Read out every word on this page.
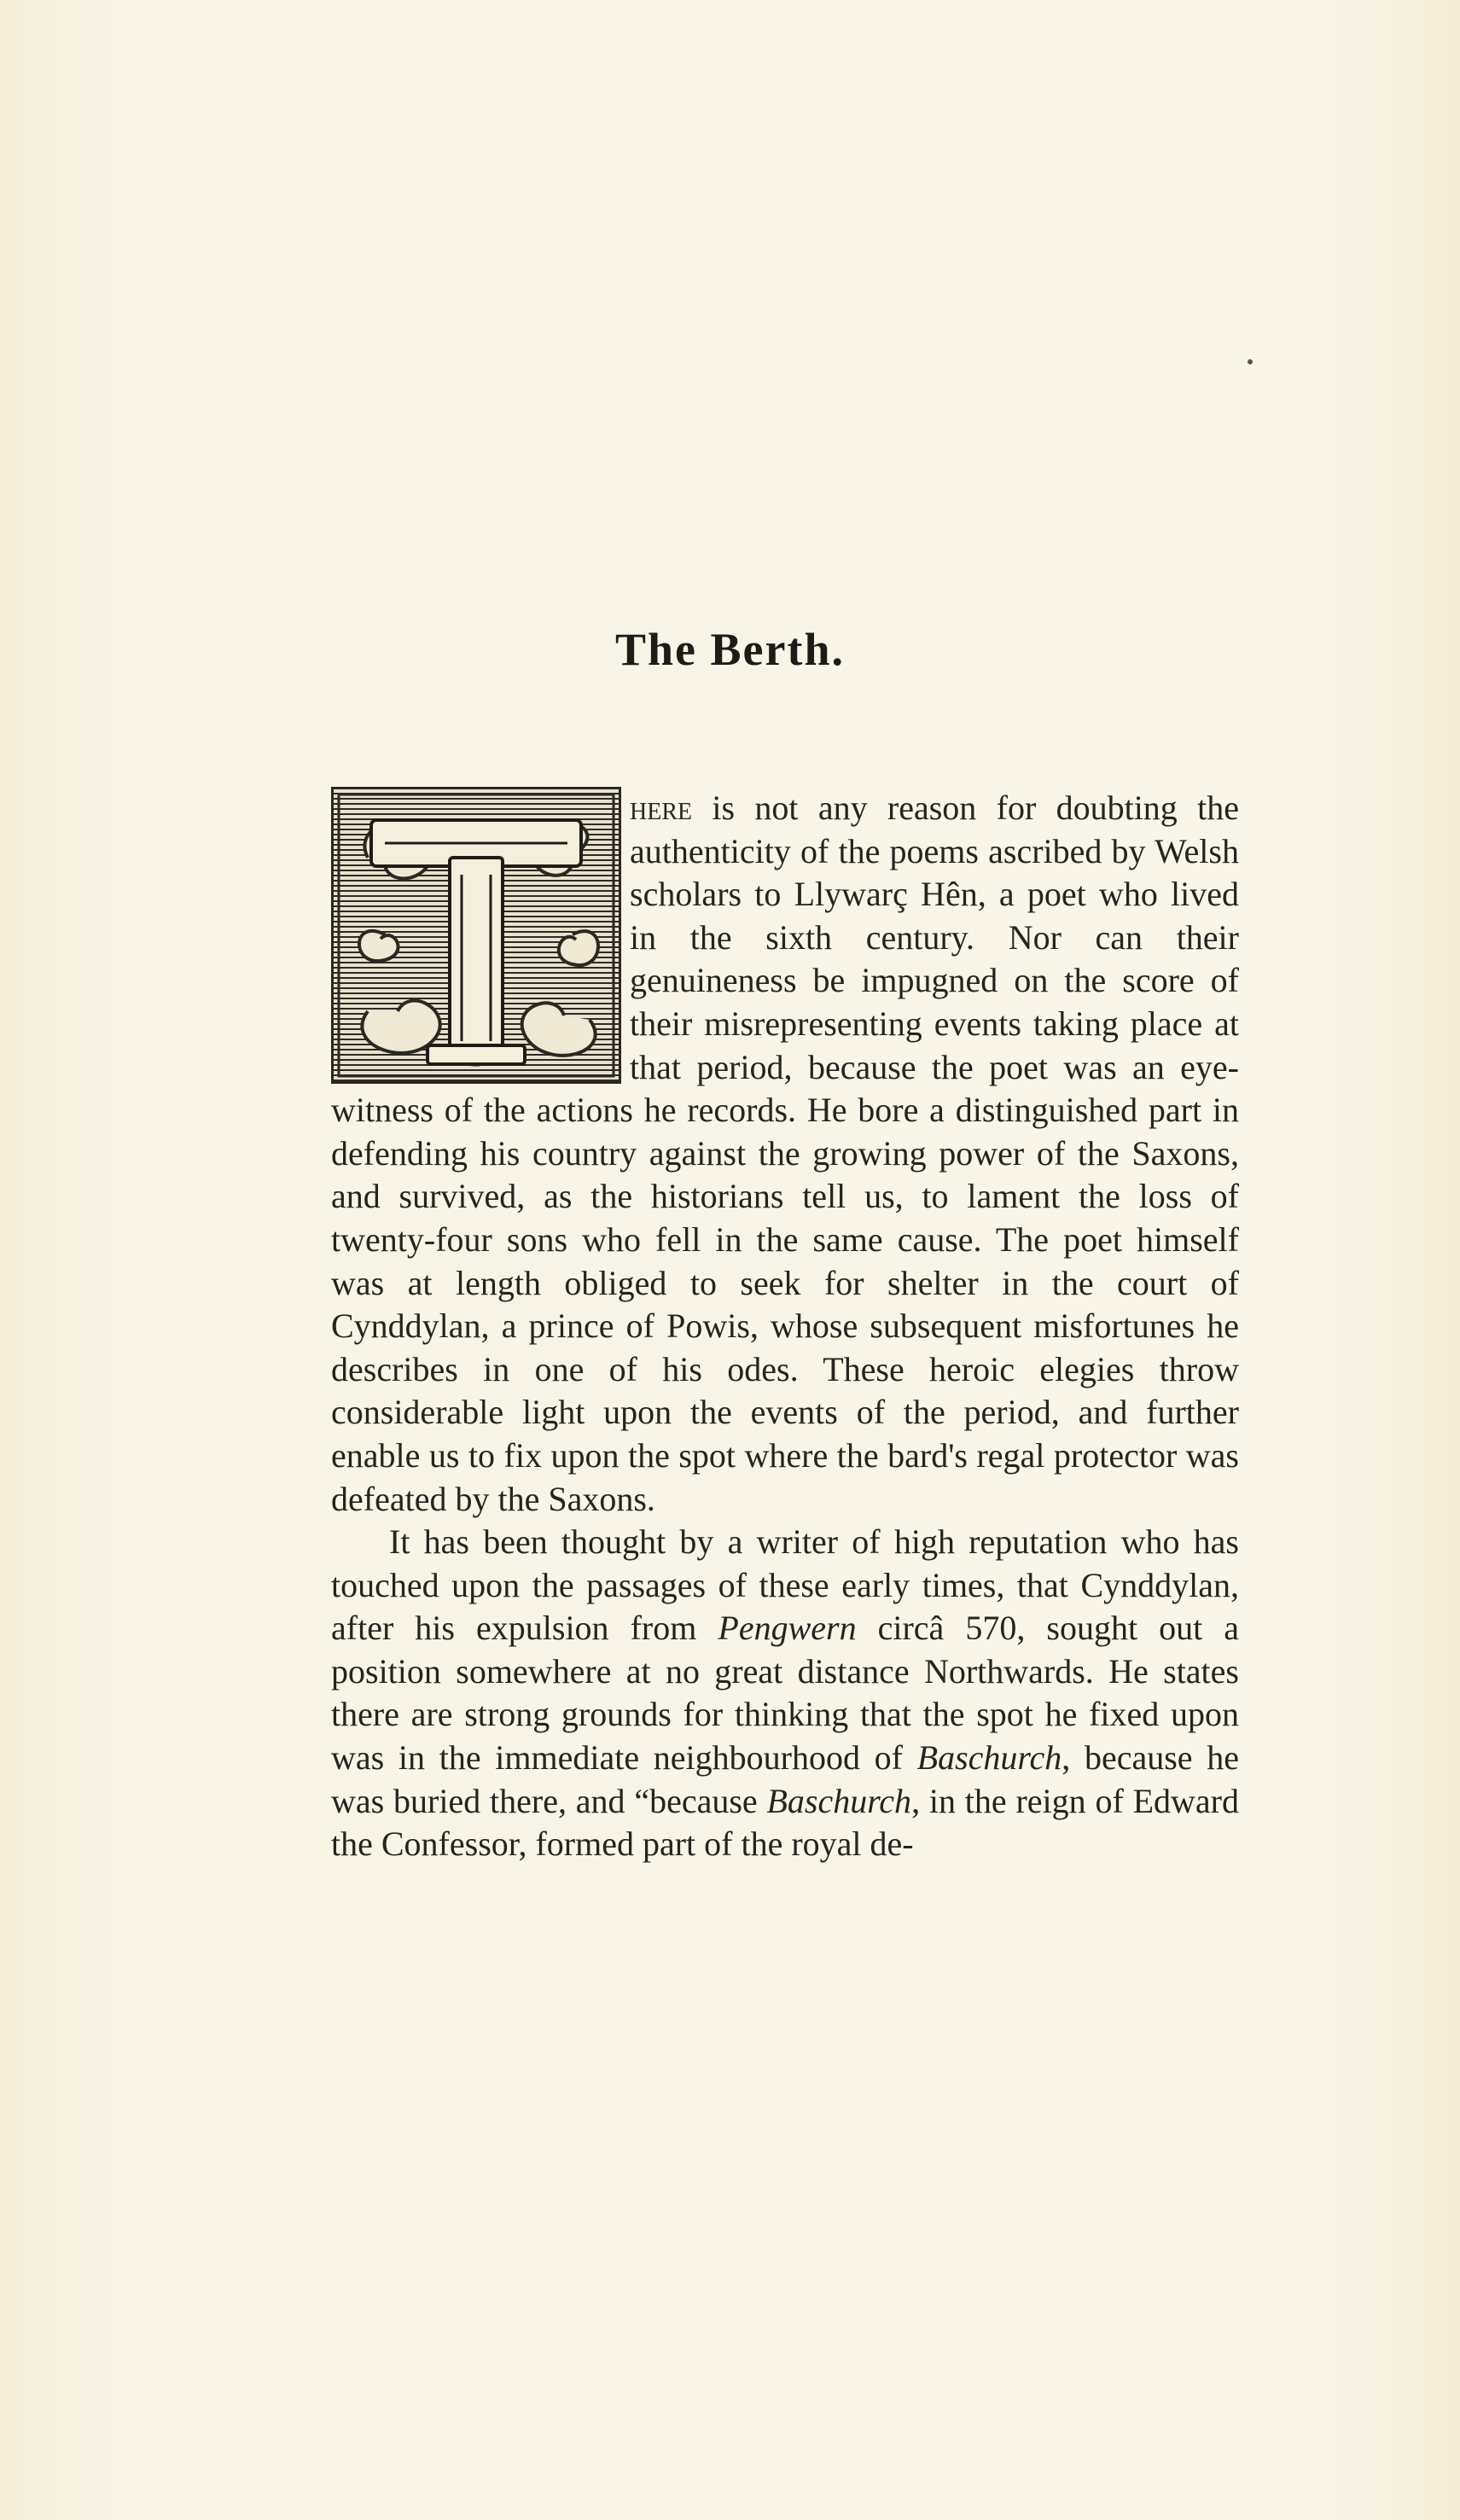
The Berth.

here is not any reason for doubting the authenticity of the poems ascribed by Welsh scholars to Llywarç Hên, a poet who lived in the sixth century. Nor can their genuineness be impugned on the score of their misrepresenting events taking place at that period, because the poet was an eye-witness of the actions he records. He bore a distinguished part in defending his country against the growing power of the Saxons, and survived, as the historians tell us, to lament the loss of twenty-four sons who fell in the same cause. The poet himself was at length obliged to seek for shelter in the court of Cynddylan, a prince of Powis, whose subsequent misfortunes he describes in one of his odes. These heroic elegies throw considerable light upon the events of the period, and further enable us to fix upon the spot where the bard's regal protector was defeated by the Saxons.

It has been thought by a writer of high reputation who has touched upon the passages of these early times, that Cynddylan, after his expulsion from Pengwern circâ 570, sought out a position somewhere at no great distance Northwards. He states there are strong grounds for thinking that the spot he fixed upon was in the immediate neighbourhood of Baschurch, because he was buried there, and “because Baschurch, in the reign of Edward the Confessor, formed part of the royal de-
